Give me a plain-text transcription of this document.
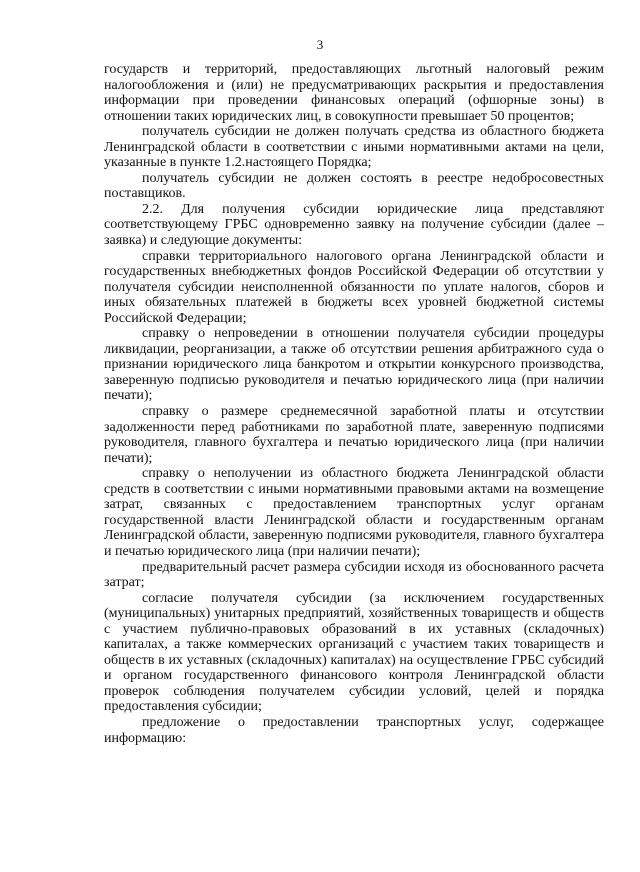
3

государств и территорий, предоставляющих льготный налоговый режим налогообложения и (или) не предусматривающих раскрытия и предоставления информации при проведении финансовых операций (офшорные зоны) в отношении таких юридических лиц, в совокупности превышает 50 процентов;

получатель субсидии не должен получать средства из областного бюджета Ленинградской области в соответствии с иными нормативными актами на цели, указанные в пункте 1.2.настоящего Порядка;

получатель субсидии не должен состоять в реестре недобросовестных поставщиков.

2.2. Для получения субсидии юридические лица представляют соответствующему ГРБС одновременно заявку на получение субсидии (далее – заявка) и следующие документы:

справки территориального налогового органа Ленинградской области и государственных внебюджетных фондов Российской Федерации об отсутствии у получателя субсидии неисполненной обязанности по уплате налогов, сборов и иных обязательных платежей в бюджеты всех уровней бюджетной системы Российской Федерации;

справку о непроведении в отношении получателя субсидии процедуры ликвидации, реорганизации, а также об отсутствии решения арбитражного суда о признании юридического лица банкротом и открытии конкурсного производства, заверенную подписью руководителя и печатью юридического лица (при наличии печати);

справку о размере среднемесячной заработной платы и отсутствии задолженности перед работниками по заработной плате, заверенную подписями руководителя, главного бухгалтера и печатью юридического лица (при наличии печати);

справку о неполучении из областного бюджета Ленинградской области средств в соответствии с иными нормативными правовыми актами на возмещение затрат, связанных с предоставлением транспортных услуг органам государственной власти Ленинградской области и государственным органам Ленинградской области, заверенную подписями руководителя, главного бухгалтера и печатью юридического лица (при наличии печати);

предварительный расчет размера субсидии исходя из обоснованного расчета затрат;

согласие получателя субсидии (за исключением государственных (муниципальных) унитарных предприятий, хозяйственных товариществ и обществ с участием публично-правовых образований в их уставных (складочных) капиталах, а также коммерческих организаций с участием таких товариществ и обществ в их уставных (складочных) капиталах) на осуществление ГРБС субсидий и органом государственного финансового контроля Ленинградской области проверок соблюдения получателем субсидии условий, целей и порядка предоставления субсидии;

предложение о предоставлении транспортных услуг, содержащее информацию:
